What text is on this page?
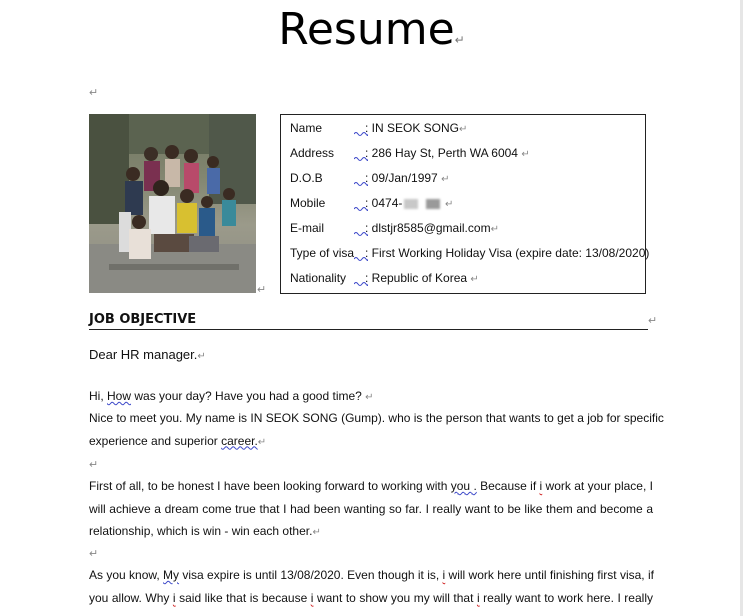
Resume↵
↵
↵
Name	: IN SEOK SONG↵
Address	: 286 Hay St, Perth WA 6004 ↵
D.O.B	: 09/Jan/1997 ↵
Mobile	: 0474-	↵
E-mail	: dlstjr8585@gmail.com↵
Type of visa : First Working Holiday Visa (expire date: 13/08/2020)
Nationality : Republic of Korea ↵
JOB OBJECTIVE	↵
Dear HR manager.↵
Hi, How was your day? Have you had a good time? ↵
Nice to meet you. My name is IN SEOK SONG (Gump). who is the person that wants to get a job for specific
experience and superior career.↵
↵
First of all, to be honest I have been looking forward to working with you . Because if i work at your place, I
will achieve a dream come true that I had been wanting so far. I really want to be like them and become a
relationship, which is win - win each other.↵
↵
As you know, My visa expire is until 13/08/2020. Even though it is, i will work here until finishing first visa, if
you allow. Why i said like that is because i want to show you my will that i really want to work here. I really
